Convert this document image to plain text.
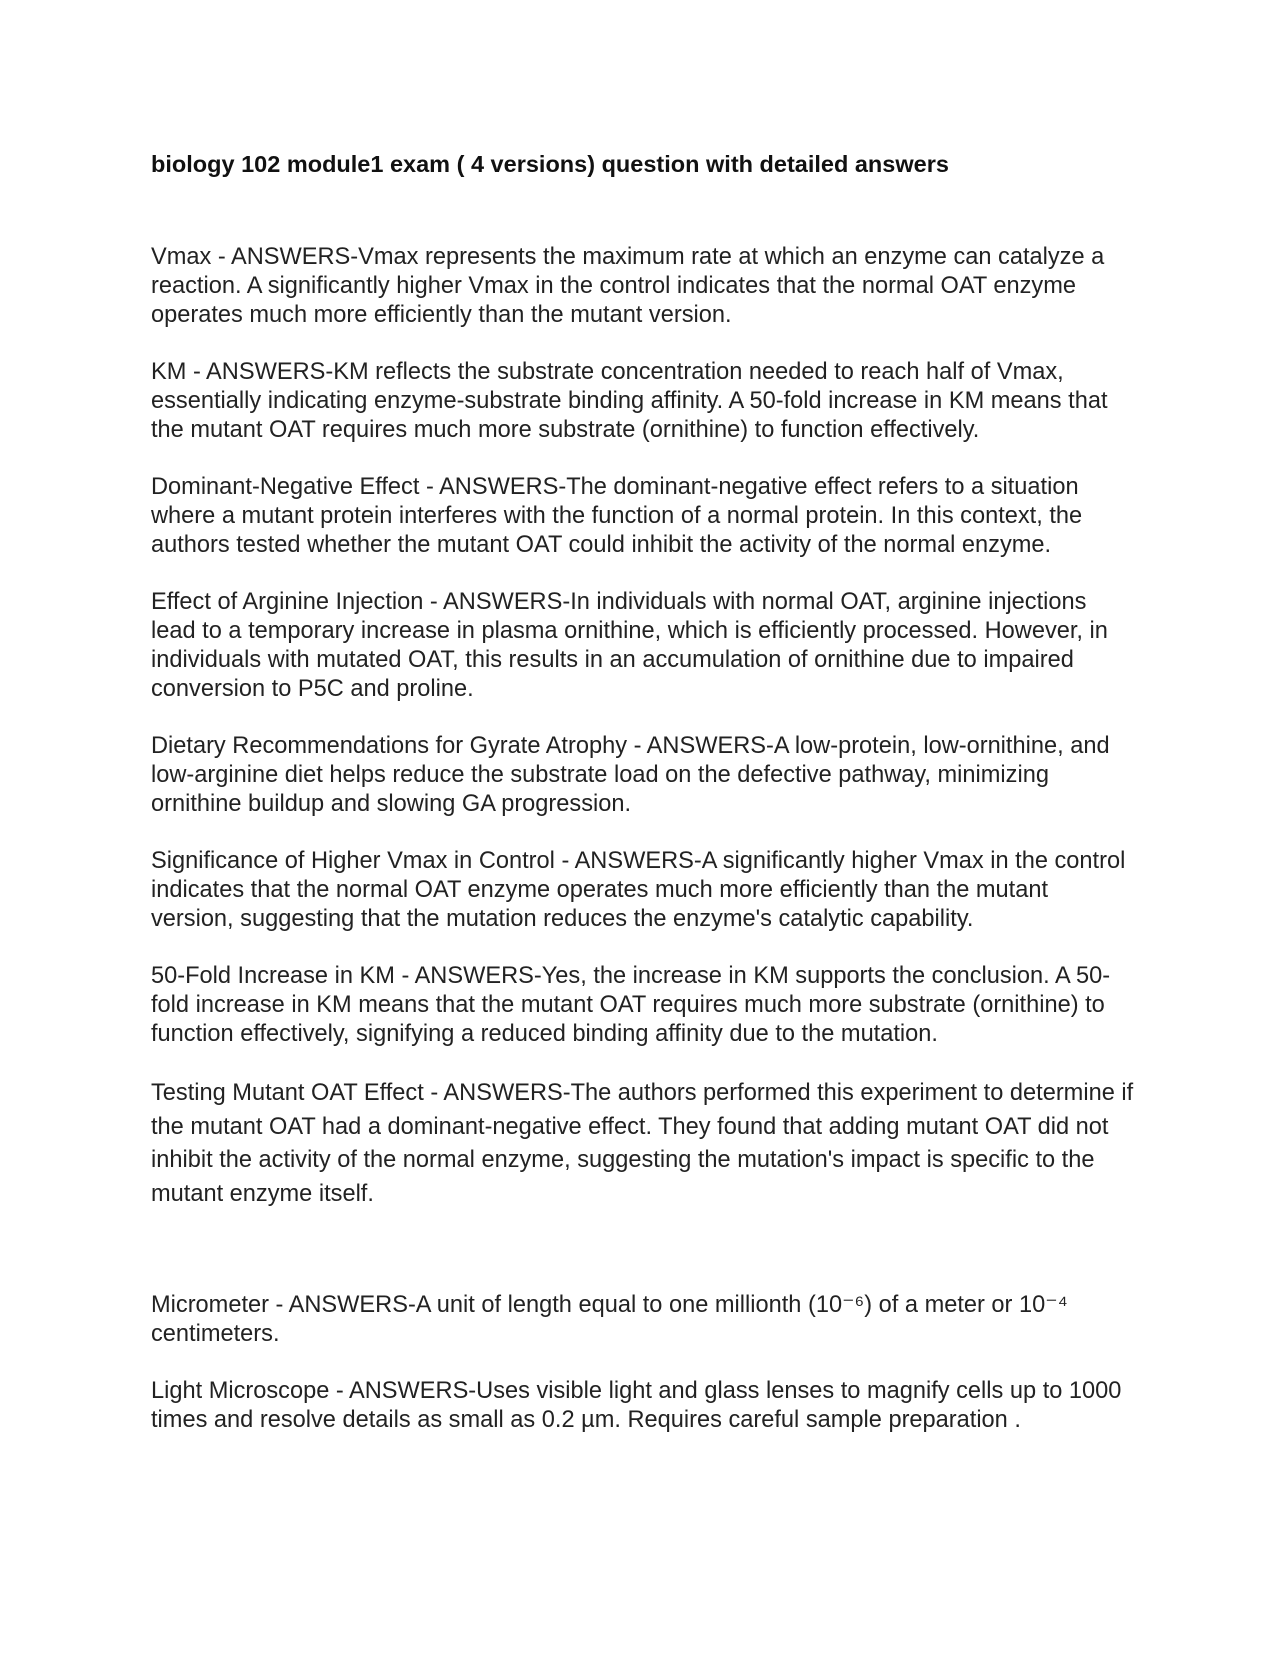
biology 102 module1 exam ( 4 versions) question with detailed answers

Vmax - ANSWERS-Vmax represents the maximum rate at which an enzyme can catalyze a reaction. A significantly higher Vmax in the control indicates that the normal OAT enzyme operates much more efficiently than the mutant version.

KM - ANSWERS-KM reflects the substrate concentration needed to reach half of Vmax, essentially indicating enzyme-substrate binding affinity. A 50-fold increase in KM means that the mutant OAT requires much more substrate (ornithine) to function effectively.

Dominant-Negative Effect - ANSWERS-The dominant-negative effect refers to a situation where a mutant protein interferes with the function of a normal protein. In this context, the authors tested whether the mutant OAT could inhibit the activity of the normal enzyme.

Effect of Arginine Injection - ANSWERS-In individuals with normal OAT, arginine injections lead to a temporary increase in plasma ornithine, which is efficiently processed. However, in individuals with mutated OAT, this results in an accumulation of ornithine due to impaired conversion to P5C and proline.

Dietary Recommendations for Gyrate Atrophy - ANSWERS-A low-protein, low-ornithine, and low-arginine diet helps reduce the substrate load on the defective pathway, minimizing ornithine buildup and slowing GA progression.

Significance of Higher Vmax in Control - ANSWERS-A significantly higher Vmax in the control indicates that the normal OAT enzyme operates much more efficiently than the mutant version, suggesting that the mutation reduces the enzyme's catalytic capability.

50-Fold Increase in KM - ANSWERS-Yes, the increase in KM supports the conclusion. A 50-fold increase in KM means that the mutant OAT requires much more substrate (ornithine) to function effectively, signifying a reduced binding affinity due to the mutation.

Testing Mutant OAT Effect - ANSWERS-The authors performed this experiment to determine if the mutant OAT had a dominant-negative effect. They found that adding mutant OAT did not inhibit the activity of the normal enzyme, suggesting the mutation's impact is specific to the mutant enzyme itself.

Micrometer - ANSWERS-A unit of length equal to one millionth (10⁻⁶) of a meter or 10⁻⁴ centimeters.

Light Microscope - ANSWERS-Uses visible light and glass lenses to magnify cells up to 1000 times and resolve details as small as 0.2 µm. Requires careful sample preparation .
